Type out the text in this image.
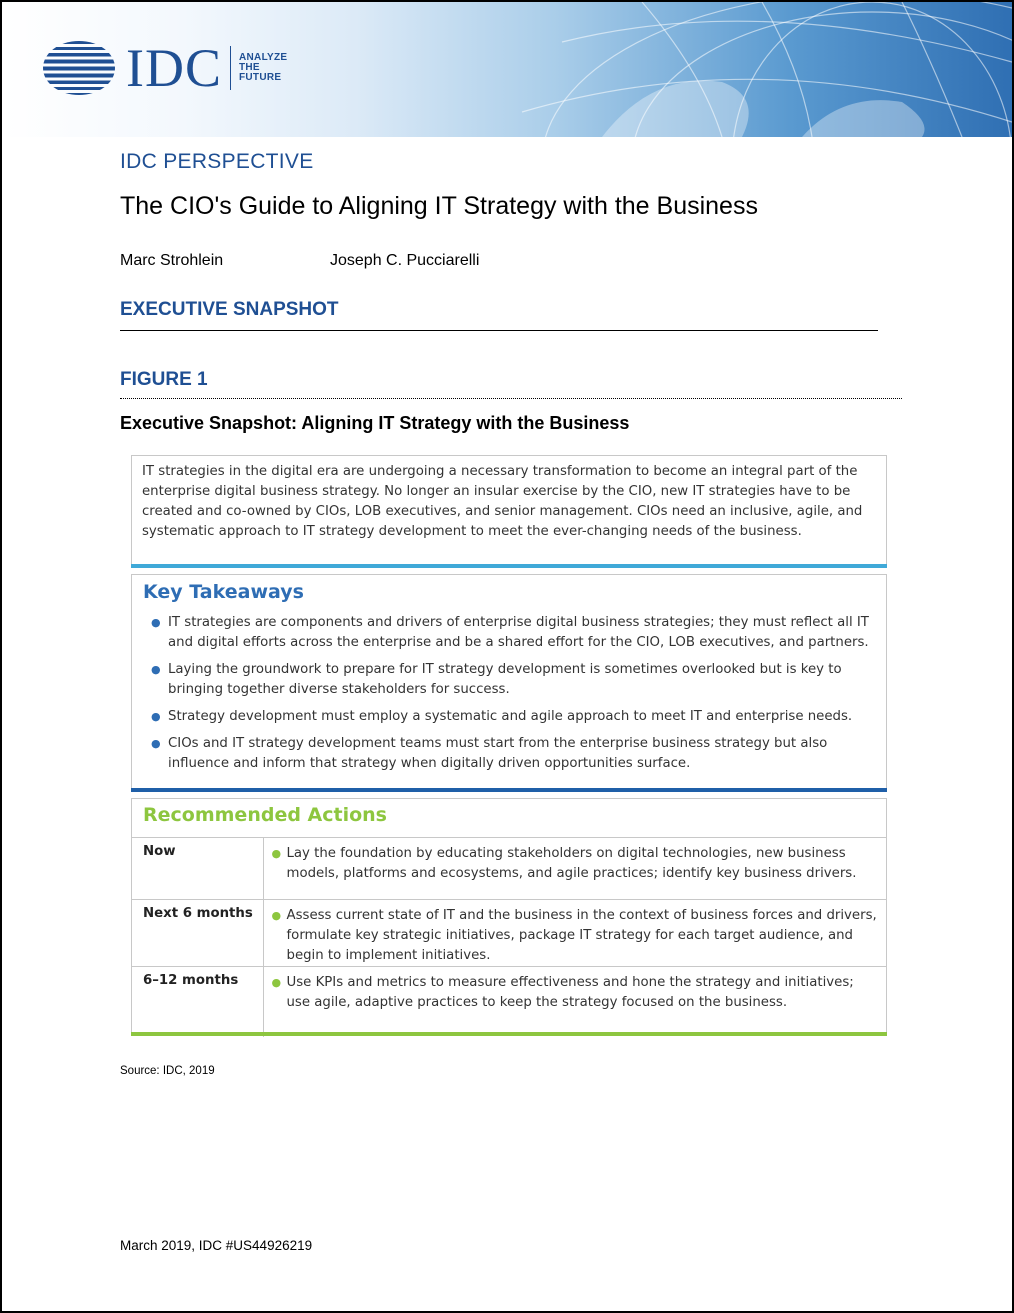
IDC ANALYZE
THE
FUTURE
IDC PERSPECTIVE
The CIO's Guide to Aligning IT Strategy with the Business
Marc Strohlein	Joseph C. Pucciarelli
EXECUTIVE SNAPSHOT
FIGURE 1
Executive Snapshot: Aligning IT Strategy with the Business

IT strategies in the digital era are undergoing a necessary transformation to become an integral part of the enterprise digital business strategy. No longer an insular exercise by the CIO, new IT strategies have to be created and co-owned by CIOs, LOB executives, and senior management. CIOs need an inclusive, agile, and systematic approach to IT strategy development to meet the ever-changing needs of the business.

Key Takeaways
● IT strategies are components and drivers of enterprise digital business strategies; they must reflect all IT and digital efforts across the enterprise and be a shared effort for the CIO, LOB executives, and partners.
● Laying the groundwork to prepare for IT strategy development is sometimes overlooked but is key to bringing together diverse stakeholders for success.
● Strategy development must employ a systematic and agile approach to meet IT and enterprise needs.
● CIOs and IT strategy development teams must start from the enterprise business strategy but also influence and inform that strategy when digitally driven opportunities surface.
Recommended Actions
Now	● Lay the foundation by educating stakeholders on digital technologies, new business models, platforms and ecosystems, and agile practices; identify key business drivers.

Next 6 months	● Assess current state of IT and the business in the context of business forces and drivers, formulate key strategic initiatives, package IT strategy for each target audience, and begin to implement initiatives.

6–12 months	● Use KPIs and metrics to measure effectiveness and hone the strategy and initiatives; use agile, adaptive practices to keep the strategy focused on the business.
Source: IDC, 2019
March 2019, IDC #US44926219
